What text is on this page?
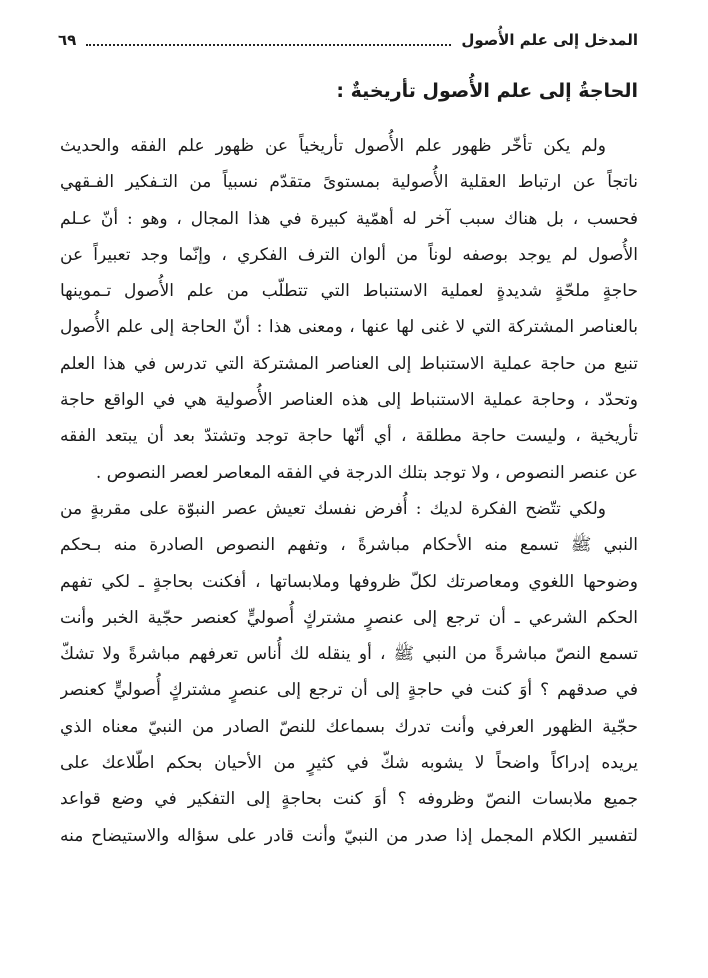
المدخل إلى علم الأُصول
٦٩
الحاجةُ إلى علم الأُصول تأريخيةٌ :
ولم يكن تأخّر ظهور علم الأُصول تأريخياً عن ظهور علم الفقه والحديث
ناتجاً عن ارتباط العقلية الأُصولية بمستوىً متقدّم نسبياً من التـفكير الفـقهي
فحسب ، بل هناك سبب آخر له أهمّية كبيرة في هذا المجال ، وهو : أنّ عـلم
الأُصول لم يوجد بوصفه لوناً من ألوان الترف الفكري ، وإنّما وجد تعبيراً عن
حاجةٍ ملحّةٍ شديدةٍ لعملية الاستنباط التي تتطلّب من علم الأُصول تـموينها
بالعناصر المشتركة التي لا غنى لها عنها ، ومعنى هذا : أنّ الحاجة إلى علم الأُصول
تنبع من حاجة عملية الاستنباط إلى العناصر المشتركة التي تدرس في هذا العلم
وتحدّد ، وحاجة عملية الاستنباط إلى هذه العناصر الأُصولية هي في الواقع حاجة
تأريخية ، وليست حاجة مطلقة ، أي أنّها حاجة توجد وتشتدّ بعد أن يبتعد الفقه
عن عنصر النصوص ، ولا توجد بتلك الدرجة في الفقه المعاصر لعصر النصوص .
ولكي تتّضح الفكرة لديك : أُفرض نفسك تعيش عصر النبوّة على مقربةٍ من
النبي ﷺ تسمع منه الأحكام مباشرةً ، وتفهم النصوص الصادرة منه بـحكم
وضوحها اللغوي ومعاصرتك لكلّ ظروفها وملابساتها ، أفكنت بحاجةٍ ـ لكي تفهم
الحكم الشرعي ـ أن ترجع إلى عنصرٍ مشتركٍ أُصوليٍّ كعنصر حجّية الخبر وأنت
تسمع النصّ مباشرةً من النبي ﷺ ، أو ينقله لك أُناس تعرفهم مباشرةً ولا تشكّ
في صدقهم ؟ أوَ كنت في حاجةٍ إلى أن ترجع إلى عنصرٍ مشتركٍ أُصوليٍّ كعنصر
حجّية الظهور العرفي وأنت تدرك بسماعك للنصّ الصادر من النبيّ معناه الذي
يريده إدراكاً واضحاً لا يشوبه شكّ في كثيرٍ من الأحيان بحكم اطّلاعك على
جميع ملابسات النصّ وظروفه ؟ أوَ كنت بحاجةٍ إلى التفكير في وضع قواعد
لتفسير الكلام المجمل إذا صدر من النبيّ وأنت قادر على سؤاله والاستيضاح منه
